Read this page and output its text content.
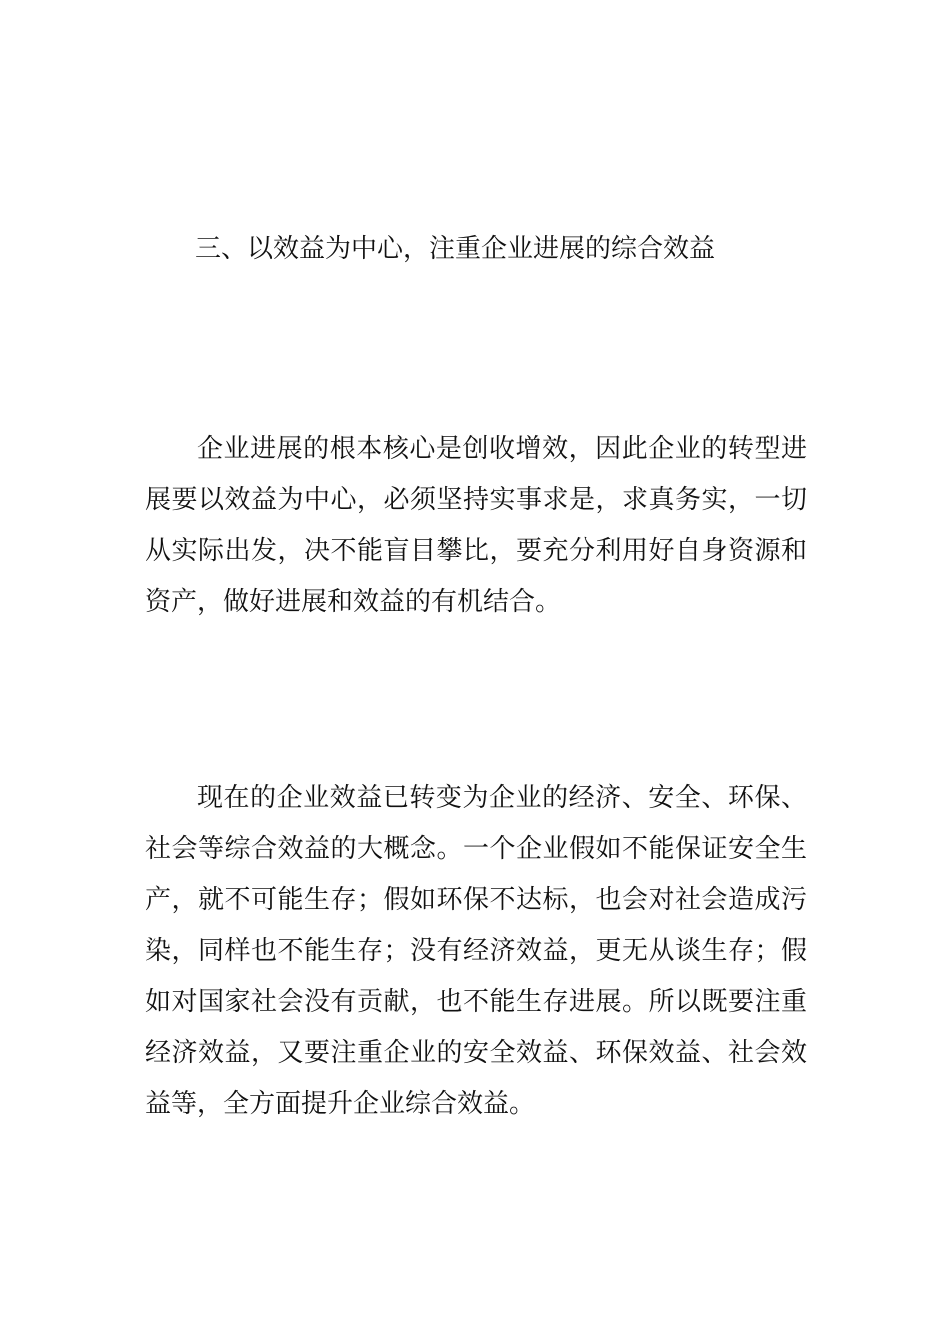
三、以效益为中心，注重企业进展的综合效益

企业进展的根本核心是创收增效，因此企业的转型进展要以效益为中心，必须坚持实事求是，求真务实，一切从实际出发，决不能盲目攀比，要充分利用好自身资源和资产，做好进展和效益的有机结合。

现在的企业效益已转变为企业的经济、安全、环保、社会等综合效益的大概念。一个企业假如不能保证安全生产，就不可能生存；假如环保不达标，也会对社会造成污染，同样也不能生存；没有经济效益，更无从谈生存；假如对国家社会没有贡献，也不能生存进展。所以既要注重经济效益，又要注重企业的安全效益、环保效益、社会效益等，全方面提升企业综合效益。
